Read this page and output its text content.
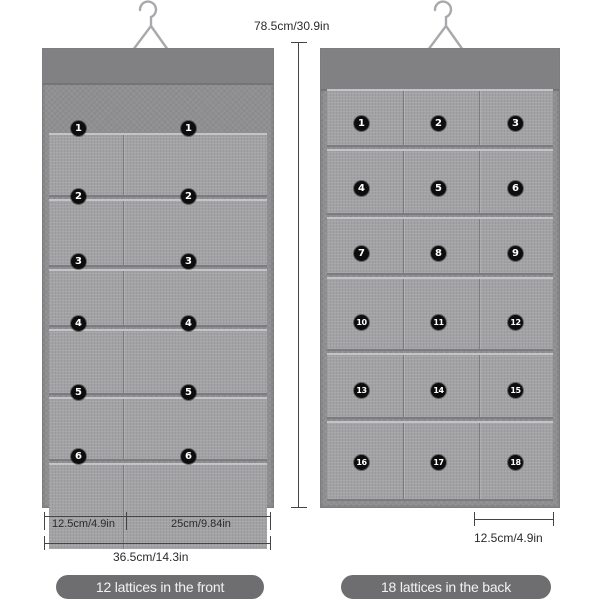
1	1
2	2
3	3
4	4
5	5
6	6
78.5cm/30.9in
1	2	3
4	5	6
7	8	9
10	11	12
13	14	15
16	17	18
12.5cm/4.9in	25cm/9.84in
36.5cm/14.3in
12.5cm/4.9in
12 lattices in the front	18 lattices in the back
